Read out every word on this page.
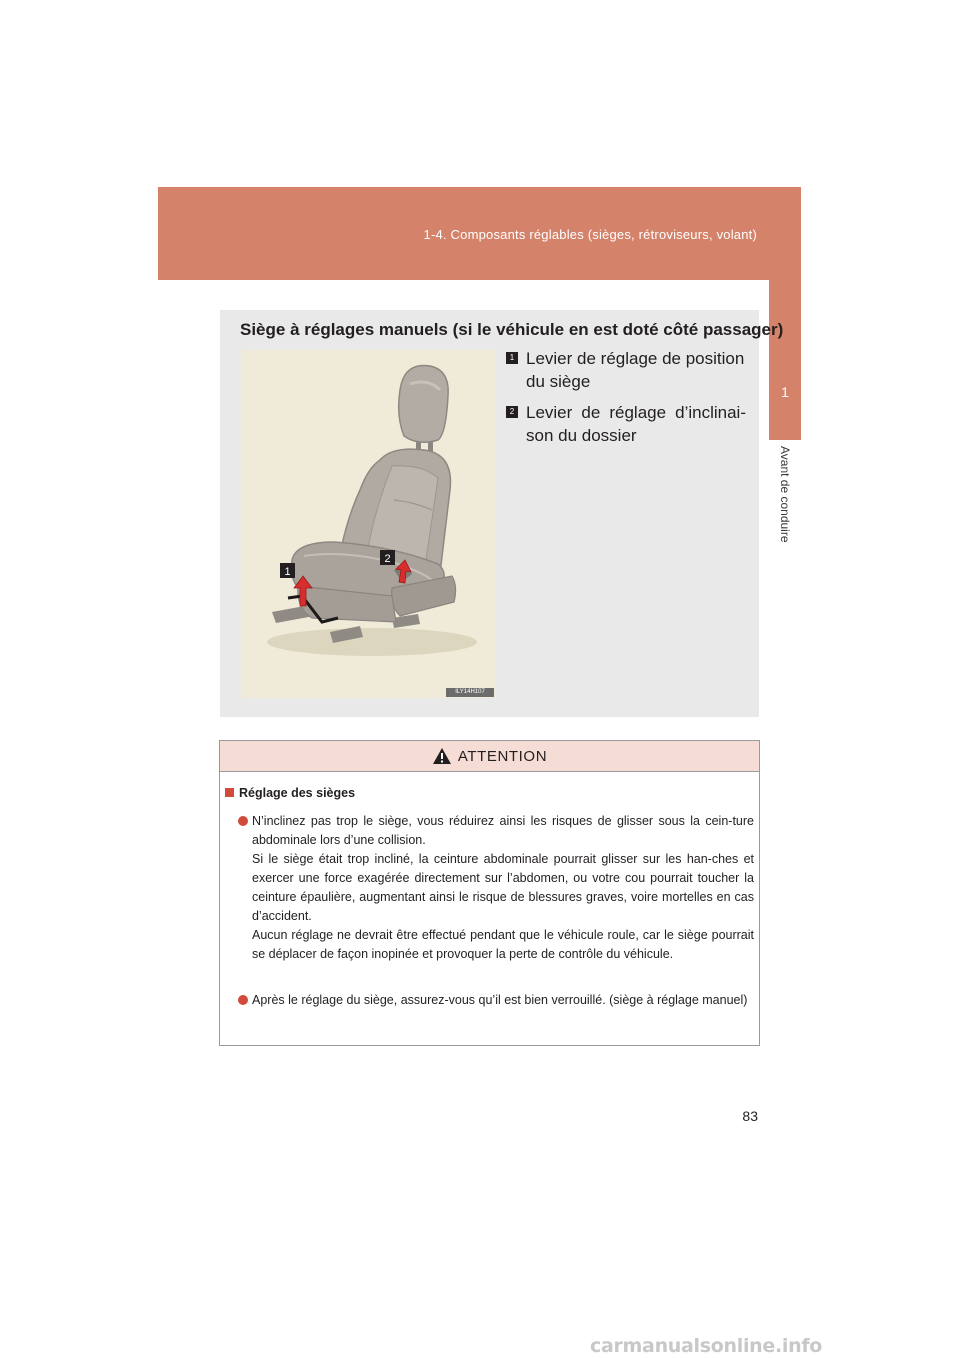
1-4. Composants réglables (sièges, rétroviseurs, volant)
1
Avant de conduire
Siège à réglages manuels (si le véhicule en est doté côté passager)
1
2
ILY14H107
1 Levier de réglage de position
du siège
2 Levier de réglage d’inclinai-
son du dossier
ATTENTION
Réglage des sièges

N’inclinez pas trop le siège, vous réduirez ainsi les risques de glisser sous la cein-ture abdominale lors d’une collision.

Si le siège était trop incliné, la ceinture abdominale pourrait glisser sur les han-ches et exercer une force exagérée directement sur l’abdomen, ou votre cou pourrait toucher la ceinture épaulière, augmentant ainsi le risque de blessures graves, voire mortelles en cas d’accident.

Aucun réglage ne devrait être effectué pendant que le véhicule roule, car le siège pourrait se déplacer de façon inopinée et provoquer la perte de contrôle du véhicule.

Après le réglage du siège, assurez-vous qu’il est bien verrouillé. (siège à réglage manuel)

83
carmanualsonline.info
